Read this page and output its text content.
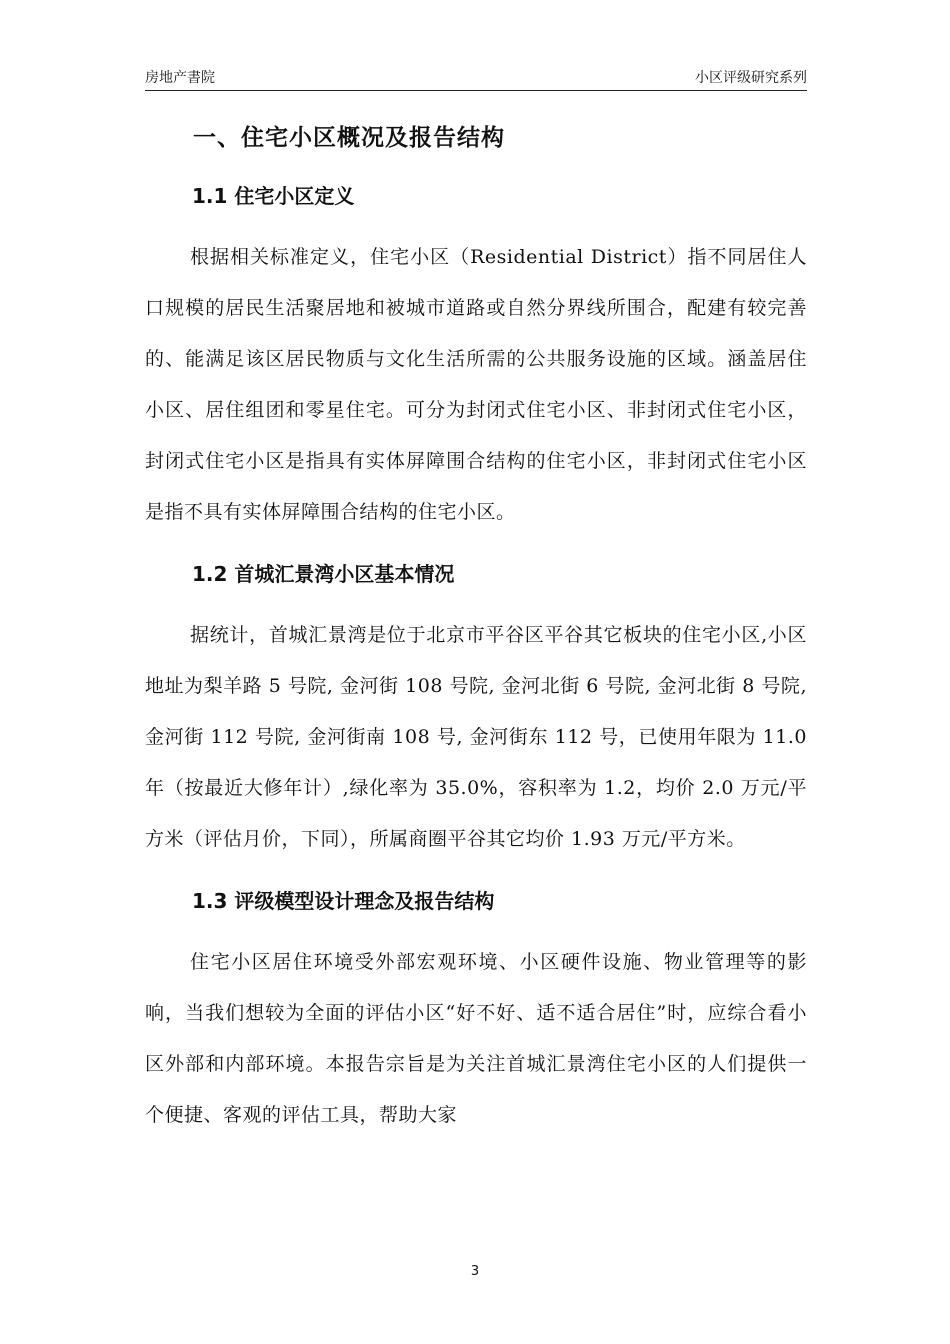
房地产書院	小区评级研究系列
一、住宅小区概况及报告结构
1.1 住宅小区定义
根据相关标准定义，住宅小区（Residential District）指不同居住人口规模的居民生活聚居地和被城市道路或自然分界线所围合，配建有较完善的、能满足该区居民物质与文化生活所需的公共服务设施的区域。涵盖居住小区、居住组团和零星住宅。可分为封闭式住宅小区、非封闭式住宅小区，封闭式住宅小区是指具有实体屏障围合结构的住宅小区，非封闭式住宅小区是指不具有实体屏障围合结构的住宅小区。
1.2 首城汇景湾小区基本情况
据统计，首城汇景湾是位于北京市平谷区平谷其它板块的住宅小区,小区地址为梨羊路 5 号院, 金河街 108 号院, 金河北街 6 号院, 金河北街 8 号院, 金河街 112 号院, 金河街南 108 号, 金河街东 112 号，已使用年限为 11.0 年（按最近大修年计）,绿化率为 35.0%，容积率为 1.2，均价 2.0 万元/平方米（评估月价，下同），所属商圈平谷其它均价 1.93 万元/平方米。
1.3 评级模型设计理念及报告结构
住宅小区居住环境受外部宏观环境、小区硬件设施、物业管理等的影响，当我们想较为全面的评估小区“好不好、适不适合居住”时，应综合看小区外部和内部环境。本报告宗旨是为关注首城汇景湾住宅小区的人们提供一个便捷、客观的评估工具，帮助大家
3
